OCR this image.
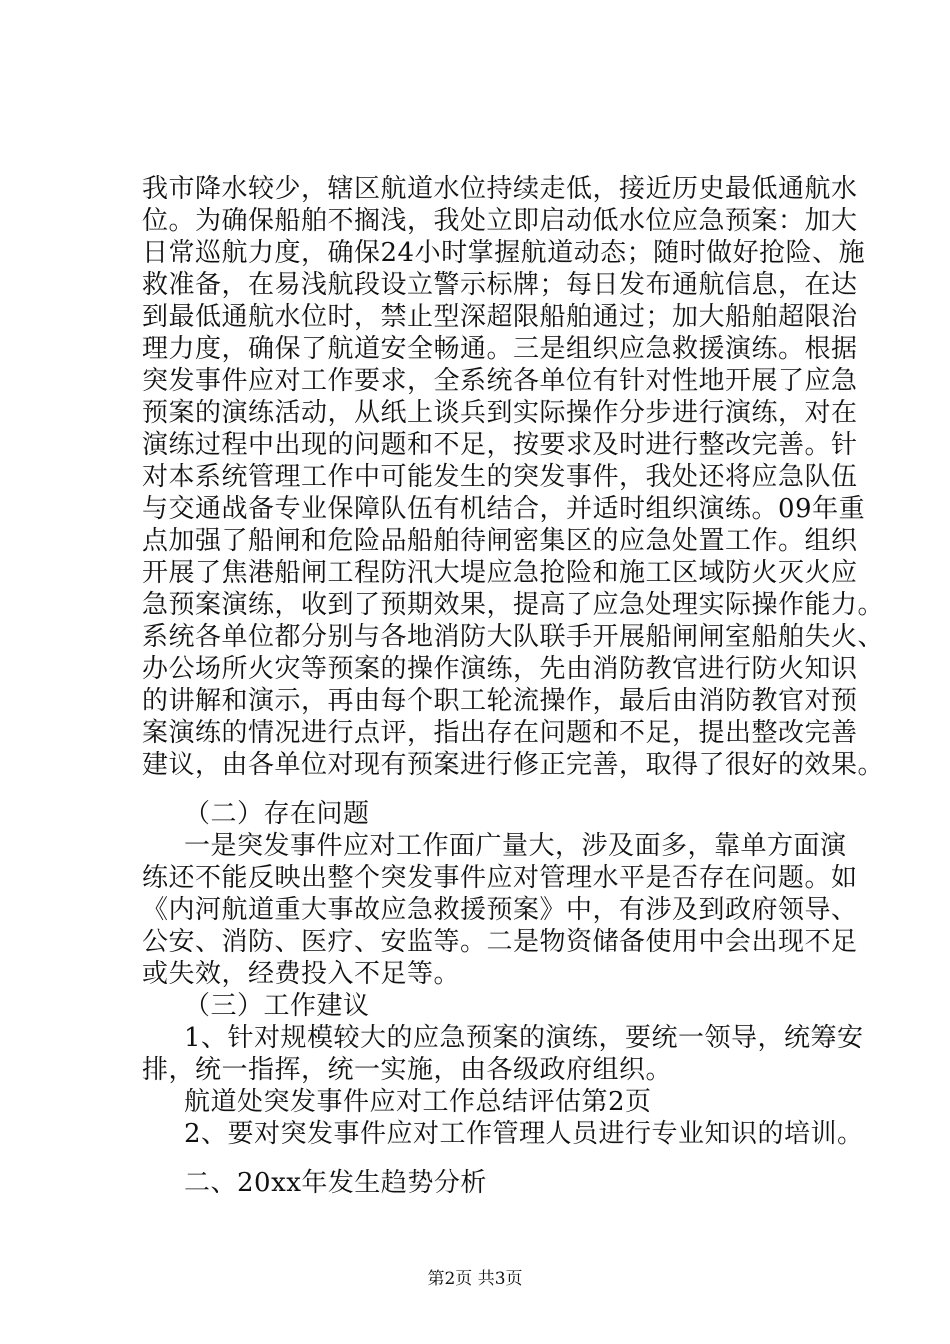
我市降水较少，辖区航道水位持续走低，接近历史最低通航水
位。为确保船舶不搁浅，我处立即启动低水位应急预案：加大
日常巡航力度，确保24小时掌握航道动态；随时做好抢险、施
救准备，在易浅航段设立警示标牌；每日发布通航信息，在达
到最低通航水位时，禁止型深超限船舶通过；加大船舶超限治
理力度，确保了航道安全畅通。三是组织应急救援演练。根据
突发事件应对工作要求，全系统各单位有针对性地开展了应急
预案的演练活动，从纸上谈兵到实际操作分步进行演练，对在
演练过程中出现的问题和不足，按要求及时进行整改完善。针
对本系统管理工作中可能发生的突发事件，我处还将应急队伍
与交通战备专业保障队伍有机结合，并适时组织演练。09年重
点加强了船闸和危险品船舶待闸密集区的应急处置工作。组织
开展了焦港船闸工程防汛大堤应急抢险和施工区域防火灭火应
急预案演练，收到了预期效果，提高了应急处理实际操作能力。
系统各单位都分别与各地消防大队联手开展船闸闸室船舶失火、
办公场所火灾等预案的操作演练，先由消防教官进行防火知识
的讲解和演示，再由每个职工轮流操作，最后由消防教官对预
案演练的情况进行点评，指出存在问题和不足，提出整改完善
建议，由各单位对现有预案进行修正完善，取得了很好的效果。
（二）存在问题
一是突发事件应对工作面广量大，涉及面多，靠单方面演
练还不能反映出整个突发事件应对管理水平是否存在问题。如
《内河航道重大事故应急救援预案》中，有涉及到政府领导、
公安、消防、医疗、安监等。二是物资储备使用中会出现不足
或失效，经费投入不足等。
（三）工作建议
1、针对规模较大的应急预案的演练，要统一领导，统筹安
排，统一指挥，统一实施，由各级政府组织。
航道处突发事件应对工作总结评估第2页
2、要对突发事件应对工作管理人员进行专业知识的培训。
二、20xx年发生趋势分析
第2页 共3页
